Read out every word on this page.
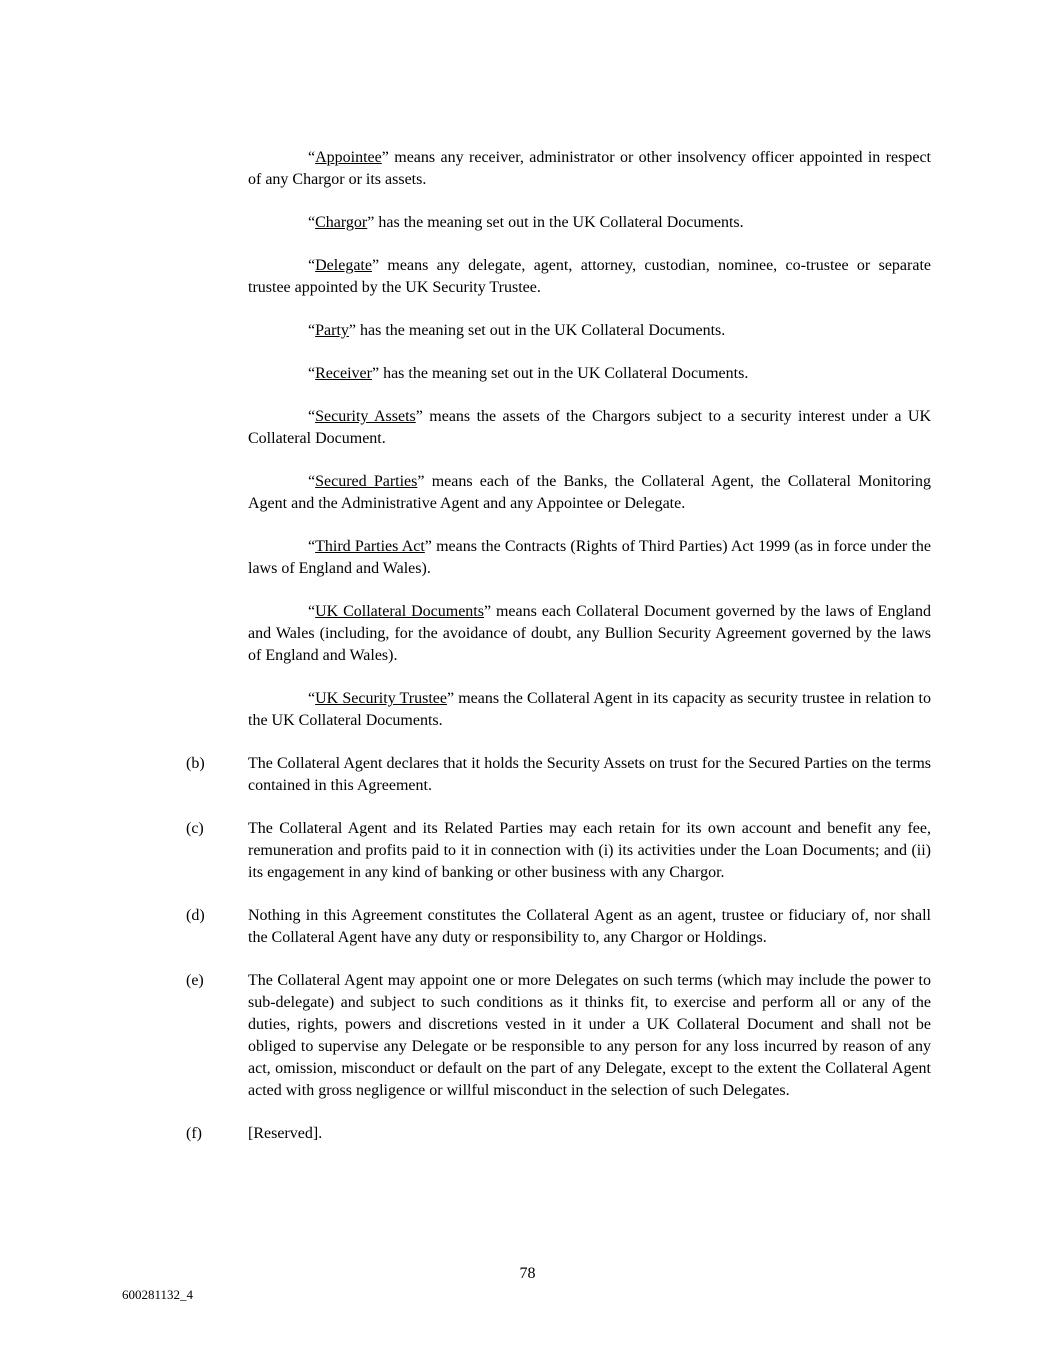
“Appointee” means any receiver, administrator or other insolvency officer appointed in respect of any Chargor or its assets.

“Chargor” has the meaning set out in the UK Collateral Documents.

“Delegate” means any delegate, agent, attorney, custodian, nominee, co-trustee or separate trustee appointed by the UK Security Trustee.

“Party” has the meaning set out in the UK Collateral Documents.

“Receiver” has the meaning set out in the UK Collateral Documents.

“Security Assets” means the assets of the Chargors subject to a security interest under a UK Collateral Document.

“Secured Parties” means each of the Banks, the Collateral Agent, the Collateral Monitoring Agent and the Administrative Agent and any Appointee or Delegate.

“Third Parties Act” means the Contracts (Rights of Third Parties) Act 1999 (as in force under the laws of England and Wales).

“UK Collateral Documents” means each Collateral Document governed by the laws of England and Wales (including, for the avoidance of doubt, any Bullion Security Agreement governed by the laws of England and Wales).

“UK Security Trustee” means the Collateral Agent in its capacity as security trustee in relation to the UK Collateral Documents.

(b)	The Collateral Agent declares that it holds the Security Assets on trust for the Secured Parties on the terms contained in this Agreement.
(c)	The Collateral Agent and its Related Parties may each retain for its own account and benefit any fee, remuneration and profits paid to it in connection with (i) its activities under the Loan Documents; and (ii) its engagement in any kind of banking or other business with any Chargor.
(d)	Nothing in this Agreement constitutes the Collateral Agent as an agent, trustee or fiduciary of, nor shall the Collateral Agent have any duty or responsibility to, any Chargor or Holdings.
(e)	The Collateral Agent may appoint one or more Delegates on such terms (which may include the power to sub-delegate) and subject to such conditions as it thinks fit, to exercise and perform all or any of the duties, rights, powers and discretions vested in it under a UK Collateral Document and shall not be obliged to supervise any Delegate or be responsible to any person for any loss incurred by reason of any act, omission, misconduct or default on the part of any Delegate, except to the extent the Collateral Agent acted with gross negligence or willful misconduct in the selection of such Delegates.
(f)	[Reserved].
78
600281132_4
